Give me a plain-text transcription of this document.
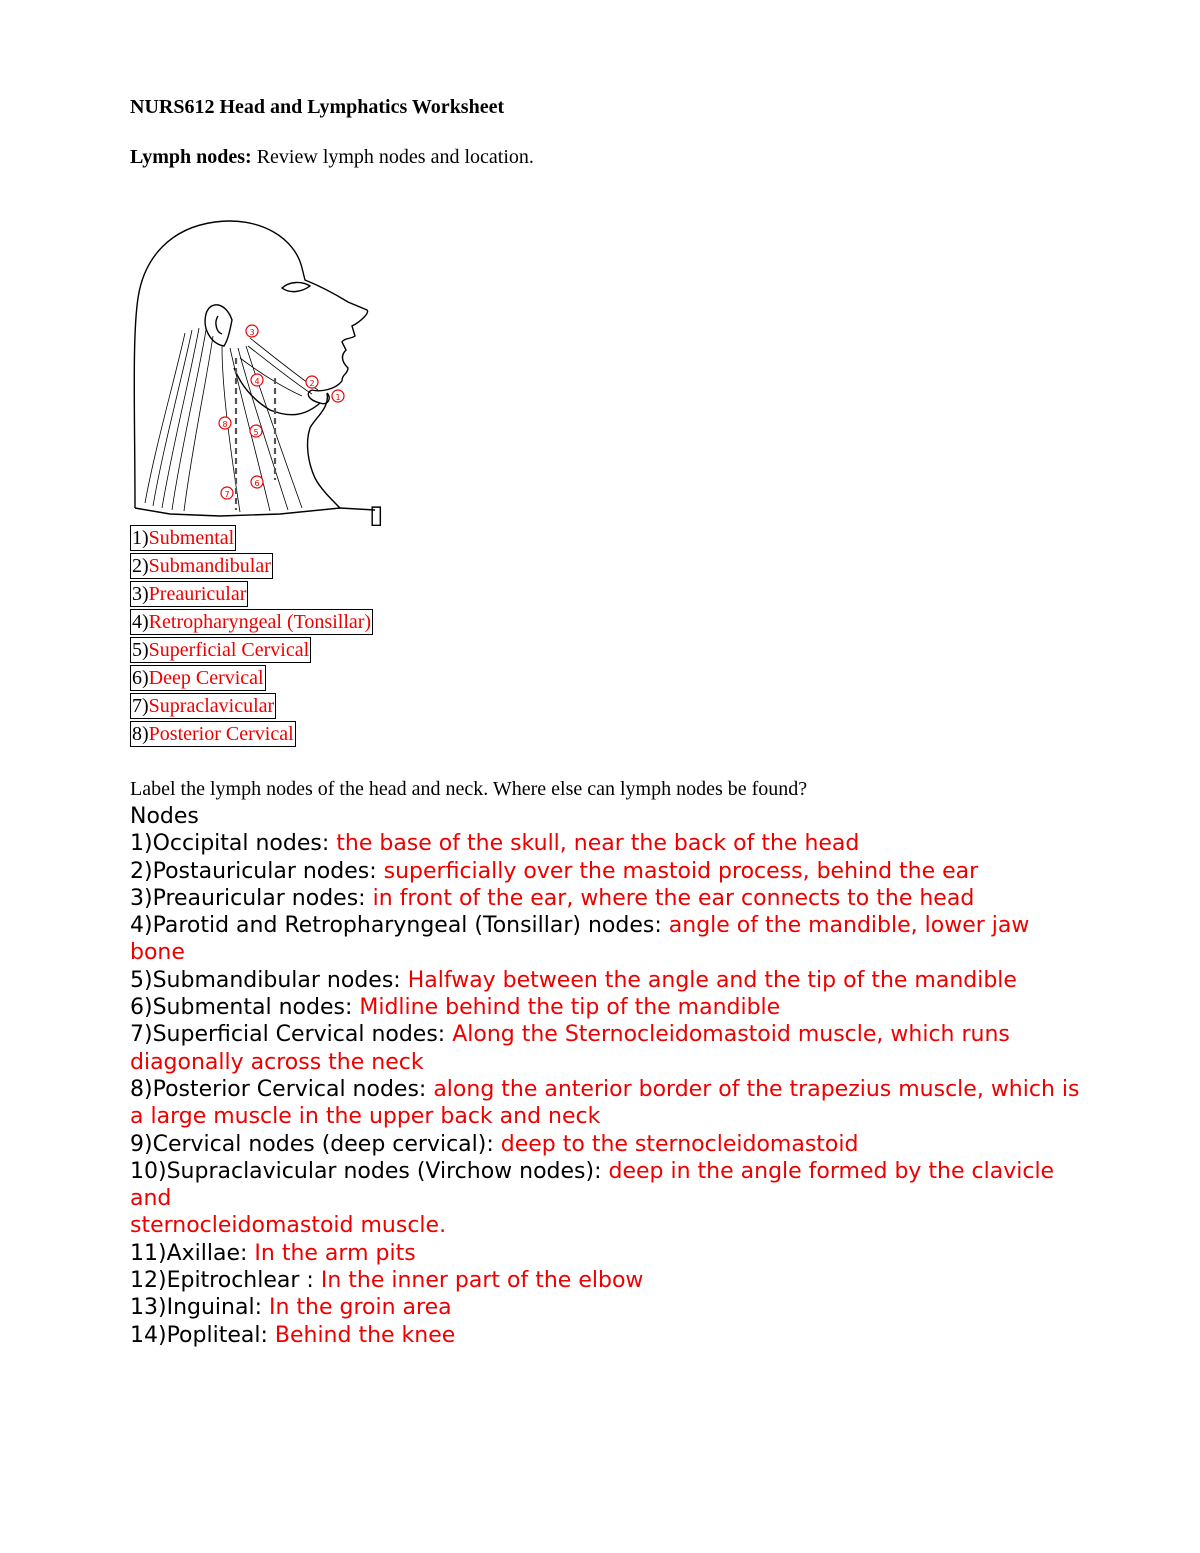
NURS612 Head and Lymphatics Worksheet
Lymph nodes: Review lymph nodes and location.
3
4	2
1
8
5
6
7
▯
1)Submental
2)Submandibular
3)Preauricular
4)Retropharyngeal (Tonsillar)
5)Superficial Cervical
6)Deep Cervical
7)Supraclavicular
8)Posterior Cervical
Label the lymph nodes of the head and neck. Where else can lymph nodes be found?
Nodes
1)Occipital nodes: the base of the skull, near the back of the head
2)Postauricular nodes: superficially over the mastoid process, behind the ear
3)Preauricular nodes: in front of the ear, where the ear connects to the head
4)Parotid and Retropharyngeal (Tonsillar) nodes: angle of the mandible, lower jaw bone
5)Submandibular nodes: Halfway between the angle and the tip of the mandible
6)Submental nodes: Midline behind the tip of the mandible
7)Superficial Cervical nodes: Along the Sternocleidomastoid muscle, which runs diagonally across the neck
8)Posterior Cervical nodes: along the anterior border of the trapezius muscle, which is a large muscle in the upper back and neck
9)Cervical nodes (deep cervical): deep to the sternocleidomastoid
10)Supraclavicular nodes (Virchow nodes): deep in the angle formed by the clavicle and
sternocleidomastoid muscle.
11)Axillae: In the arm pits
12)Epitrochlear : In the inner part of the elbow
13)Inguinal: In the groin area
14)Popliteal: Behind the knee
